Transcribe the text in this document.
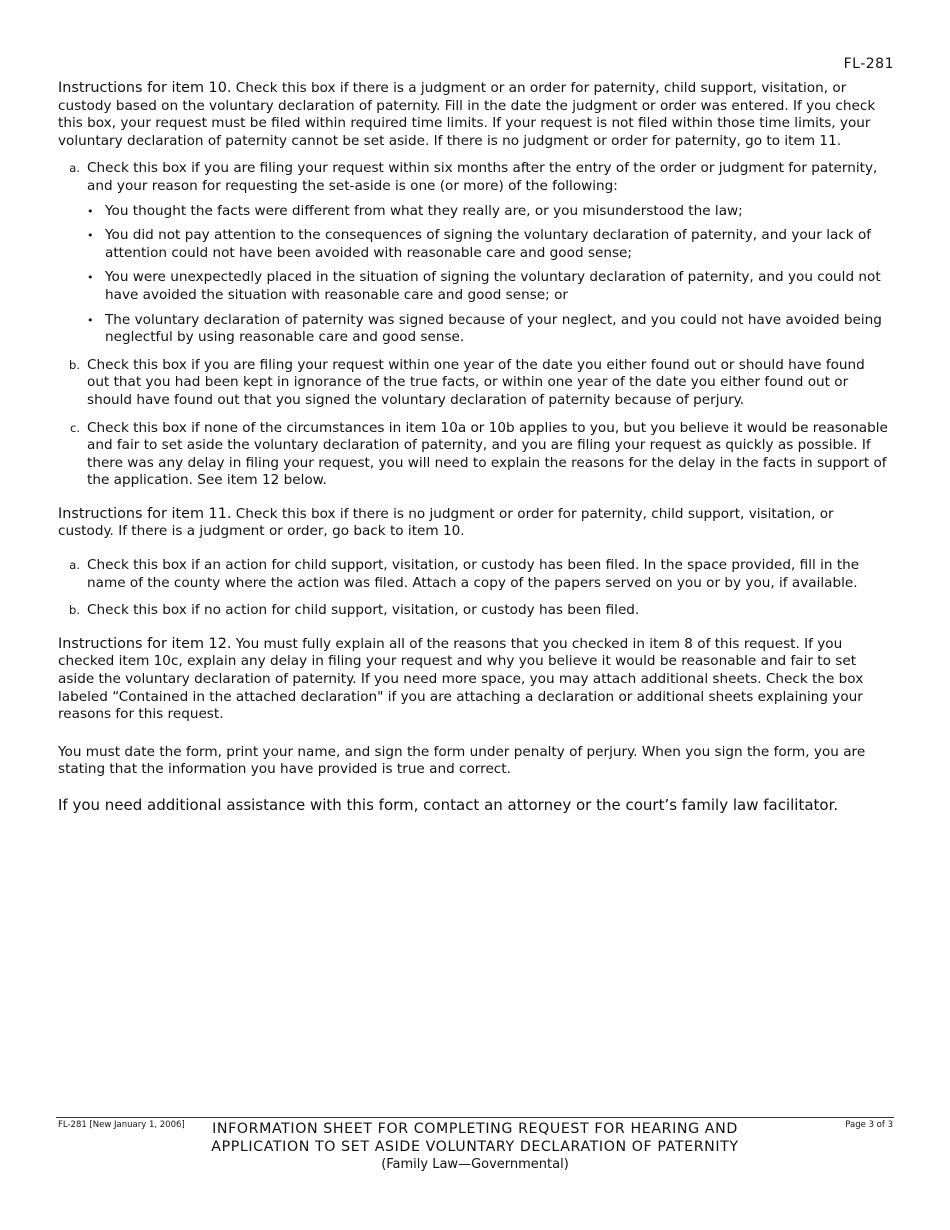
FL-281

Instructions for item 10. Check this box if there is a judgment or an order for paternity, child support, visitation, or custody based on the voluntary declaration of paternity. Fill in the date the judgment or order was entered. If you check this box, your request must be filed within required time limits. If your request is not filed within those time limits, your voluntary declaration of paternity cannot be set aside. If there is no judgment or order for paternity, go to item 11.

a. Check this box if you are filing your request within six months after the entry of the order or judgment for paternity, and your reason for requesting the set-aside is one (or more) of the following:
• You thought the facts were different from what they really are, or you misunderstood the law;
• You did not pay attention to the consequences of signing the voluntary declaration of paternity, and your lack of attention could not have been avoided with reasonable care and good sense;
• You were unexpectedly placed in the situation of signing the voluntary declaration of paternity, and you could not have avoided the situation with reasonable care and good sense; or
• The voluntary declaration of paternity was signed because of your neglect, and you could not have avoided being neglectful by using reasonable care and good sense.
b. Check this box if you are filing your request within one year of the date you either found out or should have found out that you had been kept in ignorance of the true facts, or within one year of the date you either found out or should have found out that you signed the voluntary declaration of paternity because of perjury.
c. Check this box if none of the circumstances in item 10a or 10b applies to you, but you believe it would be reasonable and fair to set aside the voluntary declaration of paternity, and you are filing your request as quickly as possible. If there was any delay in filing your request, you will need to explain the reasons for the delay in the facts in support of the application. See item 12 below.

Instructions for item 11. Check this box if there is no judgment or order for paternity, child support, visitation, or custody. If there is a judgment or order, go back to item 10.

a. Check this box if an action for child support, visitation, or custody has been filed. In the space provided, fill in the name of the county where the action was filed. Attach a copy of the papers served on you or by you, if available.
b. Check this box if no action for child support, visitation, or custody has been filed.

Instructions for item 12. You must fully explain all of the reasons that you checked in item 8 of this request. If you checked item 10c, explain any delay in filing your request and why you believe it would be reasonable and fair to set aside the voluntary declaration of paternity. If you need more space, you may attach additional sheets. Check the box labeled “Contained in the attached declaration" if you are attaching a declaration or additional sheets explaining your reasons for this request.

You must date the form, print your name, and sign the form under penalty of perjury. When you sign the form, you are stating that the information you have provided is true and correct.

If you need additional assistance with this form, contact an attorney or the court’s family law facilitator.

FL-281 [New January 1, 2006]	Page 3 of 3
INFORMATION SHEET FOR COMPLETING REQUEST FOR HEARING AND
APPLICATION TO SET ASIDE VOLUNTARY DECLARATION OF PATERNITY
(Family Law—Governmental)
